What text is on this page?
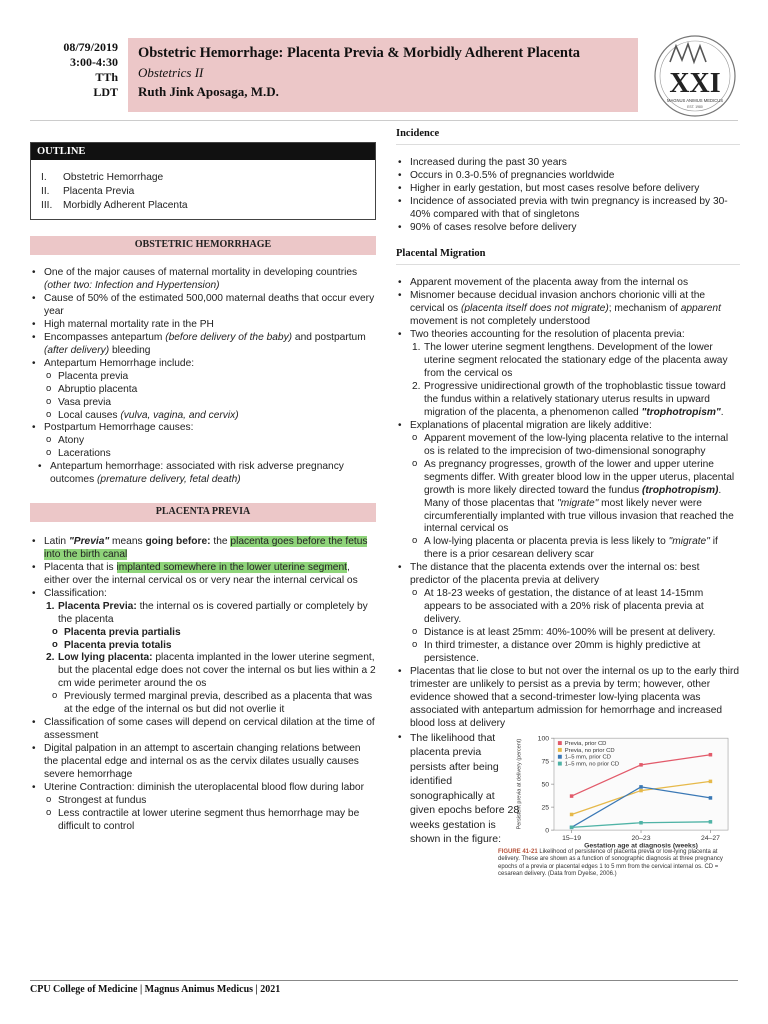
08/79/2019
3:00-4:30
TTh
LDT
Obstetric Hemorrhage: Placenta Previa & Morbidly Adherent Placenta
Obstetrics II
Ruth Jink Aposaga, M.D.	XXI
MAGNUS ANIMUS MEDICUS
EST. 1980
OUTLINE
I.	Obstetric Hemorrhage
II.	Placenta Previa
III.	Morbidly Adherent Placenta
OBSTETRIC HEMORRHAGE
• One of the major causes of maternal mortality in developing countries (other two: Infection and Hypertension)
• Cause of 50% of the estimated 500,000 maternal deaths that occur every year
• High maternal mortality rate in the PH
• Encompasses antepartum (before delivery of the baby) and postpartum (after delivery) bleeding
• Antepartum Hemorrhage include:
o Placenta previa
o Abruptio placenta
o Vasa previa
o Local causes (vulva, vagina, and cervix)
• Postpartum Hemorrhage causes:
o Atony
o Lacerations
• Antepartum hemorrhage: associated with risk adverse pregnancy outcomes (premature delivery, fetal death)
PLACENTA PREVIA
• Latin "Previa" means going before: the placenta goes before the fetus into the birth canal
• Placenta that is implanted somewhere in the lower uterine segment, either over the internal cervical os or very near the internal cervical os
• Classification:
1. Placenta Previa: the internal os is covered partially or completely by the placenta
o Placenta previa partialis
o Placenta previa totalis
2. Low lying placenta: placenta implanted in the lower uterine segment, but the placental edge does not cover the internal os but lies within a 2 cm wide perimeter around the os
o Previously termed marginal previa, described as a placenta that was at the edge of the internal os but did not overlie it
• Classification of some cases will depend on cervical dilation at the time of assessment
• Digital palpation in an attempt to ascertain changing relations between the placental edge and internal os as the cervix dilates usually causes severe hemorrhage
• Uterine Contraction: diminish the uteroplacental blood flow during labor
o Strongest at fundus
o Less contractile at lower uterine segment thus hemorrhage may be difficult to control
Incidence
• Increased during the past 30 years
• Occurs in 0.3-0.5% of pregnancies worldwide
• Higher in early gestation, but most cases resolve before delivery
• Incidence of associated previa with twin pregnancy is increased by 30-40% compared with that of singletons
• 90% of cases resolve before delivery
Placental Migration
• Apparent movement of the placenta away from the internal os
• Misnomer because decidual invasion anchors chorionic villi at the cervical os (placenta itself does not migrate); mechanism of apparent movement is not completely understood
• Two theories accounting for the resolution of placenta previa:
1. The lower uterine segment lengthens. Development of the lower uterine segment relocated the stationary edge of the placenta away from the cervical os
2. Progressive unidirectional growth of the trophoblastic tissue toward the fundus within a relatively stationary uterus results in upward migration of the placenta, a phenomenon called "trophotropism".
• Explanations of placental migration are likely additive:
o Apparent movement of the low-lying placenta relative to the internal os is related to the imprecision of two-dimensional sonography
o As pregnancy progresses, growth of the lower and upper uterine segments differ. With greater blood low in the upper uterus, placental growth is more likely directed toward the fundus (trophotropism). Many of those placentas that "migrate" most likely never were circumferentially implanted with true villous invasion that reached the internal cervical os
o A low-lying placenta or placenta previa is less likely to "migrate" if there is a prior cesarean delivery scar
• The distance that the placenta extends over the internal os: best predictor of the placenta previa at delivery
o At 18-23 weeks of gestation, the distance of at least 14-15mm appears to be associated with a 20% risk of placenta previa at delivery.
o Distance is at least 25mm: 40%-100% will be present at delivery.
o In third trimester, a distance over 20mm is highly predictive at persistence.
• Placentas that lie close to but not over the internal os up to the early third trimester are unlikely to persist as a previa by term; however, other evidence showed that a second-trimester low-lying placenta was associated with antepartum admission for hemorrhage and increased blood loss at delivery
• The likelihood that placenta previa persists after being identified sonographically at given epochs before 28 weeks gestation is shown in the figure:
0
25
50
75
100
15–19	20–23	24–27
Gestation age at diagnosis (weeks)
Persistent previa at delivery (percent)	Previa, prior CD
Previa, no prior CD
1–5 mm, prior CD
1–5 mm, no prior CD
FIGURE 41-21 Likelihood of persistence of placenta previa or low-lying placenta at delivery. These are shown as a function of sonographic diagnosis at three pregnancy epochs of a previa or placental edges 1 to 5 mm from the cervical internal os. CD = cesarean delivery. (Data from Dyelse, 2006.)
CPU College of Medicine | Magnus Animus Medicus | 2021
